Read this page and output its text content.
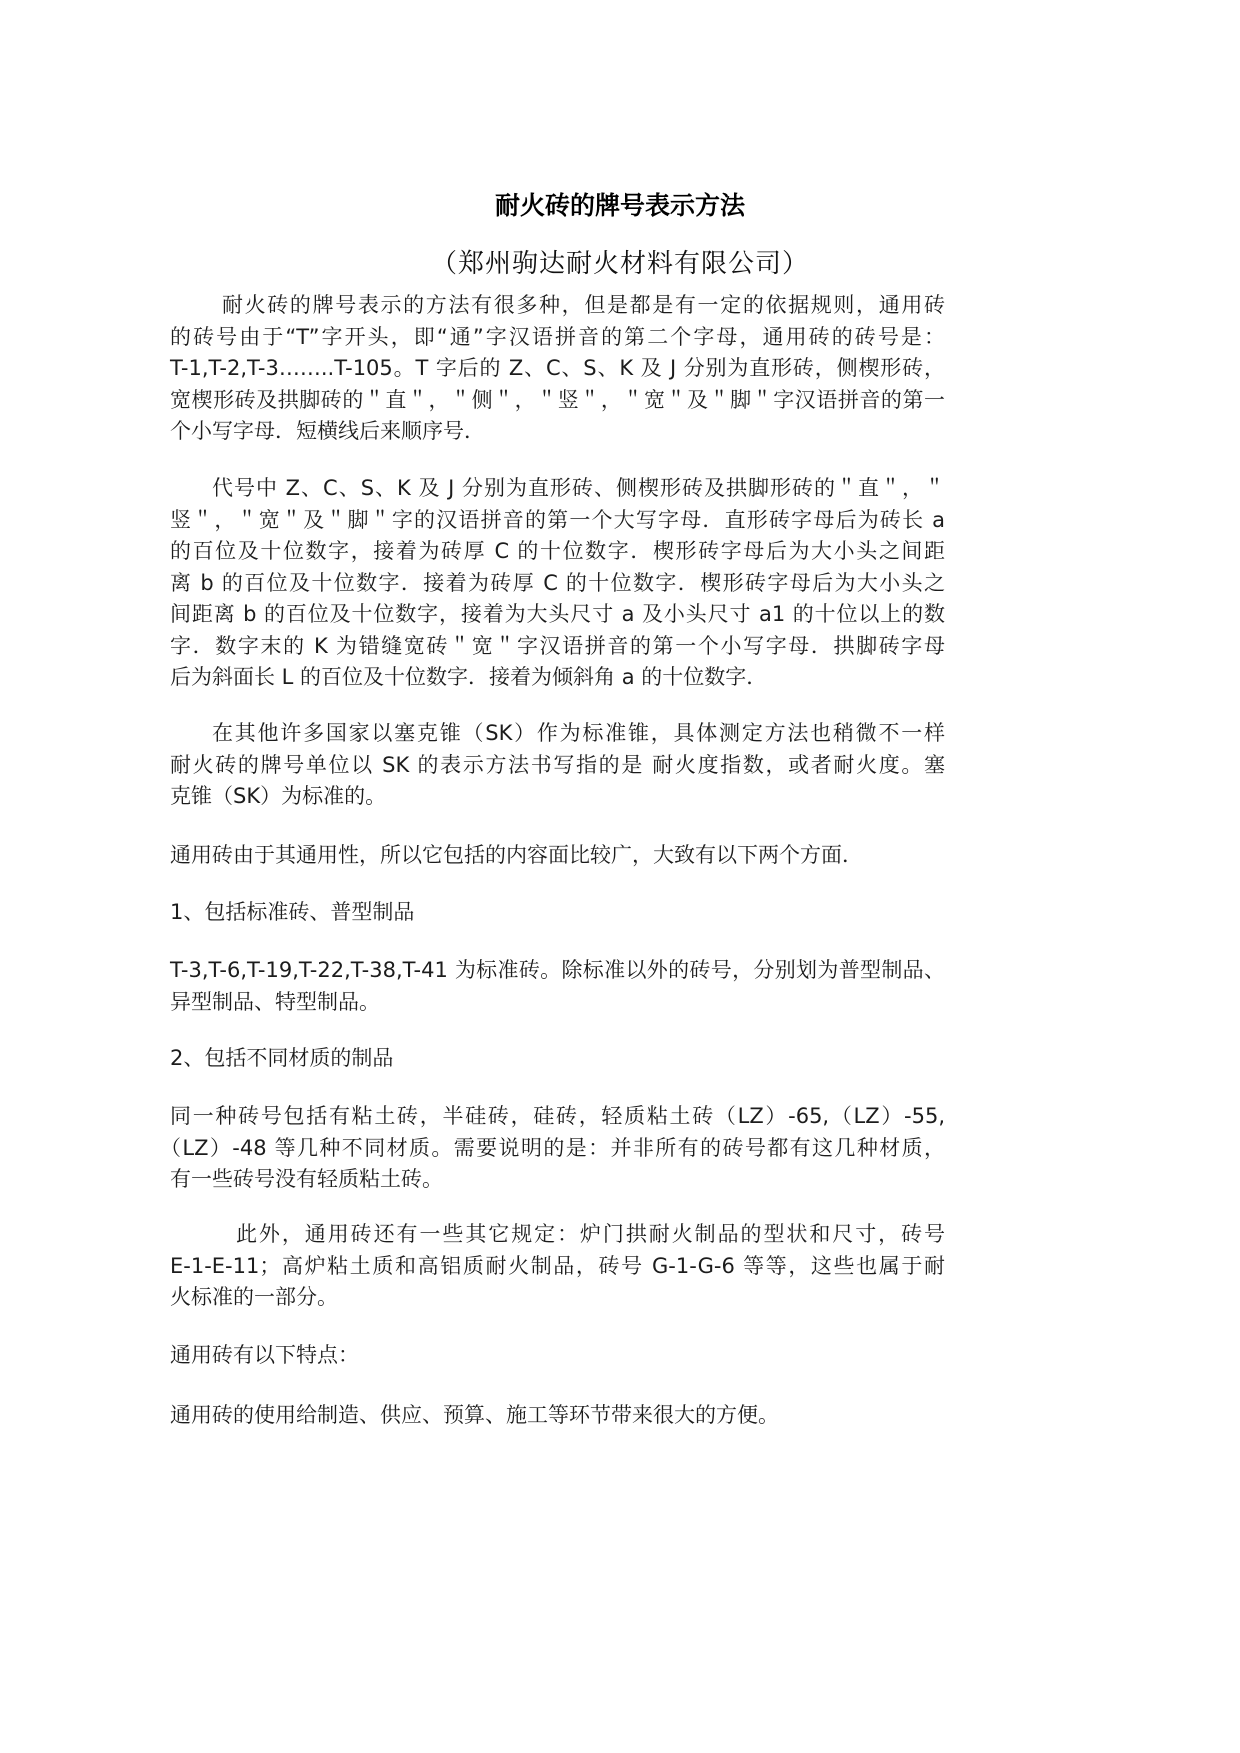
耐火砖的牌号表示方法
（郑州驹达耐火材料有限公司）
耐火砖的牌号表示的方法有很多种，但是都是有一定的依据规则，通用砖
的砖号由于“T”字开头，即“通”字汉语拼音的第二个字母，通用砖的砖号是：
T-1,T-2,T-3……..T-105。T 字后的 Z、C、S、K 及 J 分别为直形砖，侧楔形砖，
宽楔形砖及拱脚砖的＂直＂，＂侧＂，＂竖＂，＂宽＂及＂脚＂字汉语拼音的第一
个小写字母．短横线后来顺序号．
代号中 Z、C、S、K 及 J 分别为直形砖、侧楔形砖及拱脚形砖的＂直＂，＂
竖＂，＂宽＂及＂脚＂字的汉语拼音的第一个大写字母．直形砖字母后为砖长 a
的百位及十位数字，接着为砖厚 C 的十位数字．楔形砖字母后为大小头之间距
离 b 的百位及十位数字．接着为砖厚 C 的十位数字．楔形砖字母后为大小头之
间距离 b 的百位及十位数字，接着为大头尺寸 a 及小头尺寸 a1 的十位以上的数
字．数字末的 K 为错缝宽砖＂宽＂字汉语拼音的第一个小写字母．拱脚砖字母
后为斜面长 L 的百位及十位数字．接着为倾斜角 a 的十位数字．
在其他许多国家以塞克锥（SK）作为标准锥，具体测定方法也稍微不一样
耐火砖的牌号单位以 SK 的表示方法书写指的是 耐火度指数，或者耐火度。塞
克锥（SK）为标准的。
通用砖由于其通用性，所以它包括的内容面比较广，大致有以下两个方面．
1、包括标准砖、普型制品
T-3,T-6,T-19,T-22,T-38,T-41 为标准砖。除标准以外的砖号，分别划为普型制品、
异型制品、特型制品。
2、包括不同材质的制品
同一种砖号包括有粘土砖，半硅砖，硅砖，轻质粘土砖（LZ）-65,（LZ）-55,
（LZ）-48 等几种不同材质。需要说明的是：并非所有的砖号都有这几种材质，
有一些砖号没有轻质粘土砖。
此外，通用砖还有一些其它规定：炉门拱耐火制品的型状和尺寸，砖号
E-1-E-11；高炉粘土质和高铝质耐火制品，砖号 G-1-G-6 等等，这些也属于耐
火标准的一部分。
通用砖有以下特点：
通用砖的使用给制造、供应、预算、施工等环节带来很大的方便。
